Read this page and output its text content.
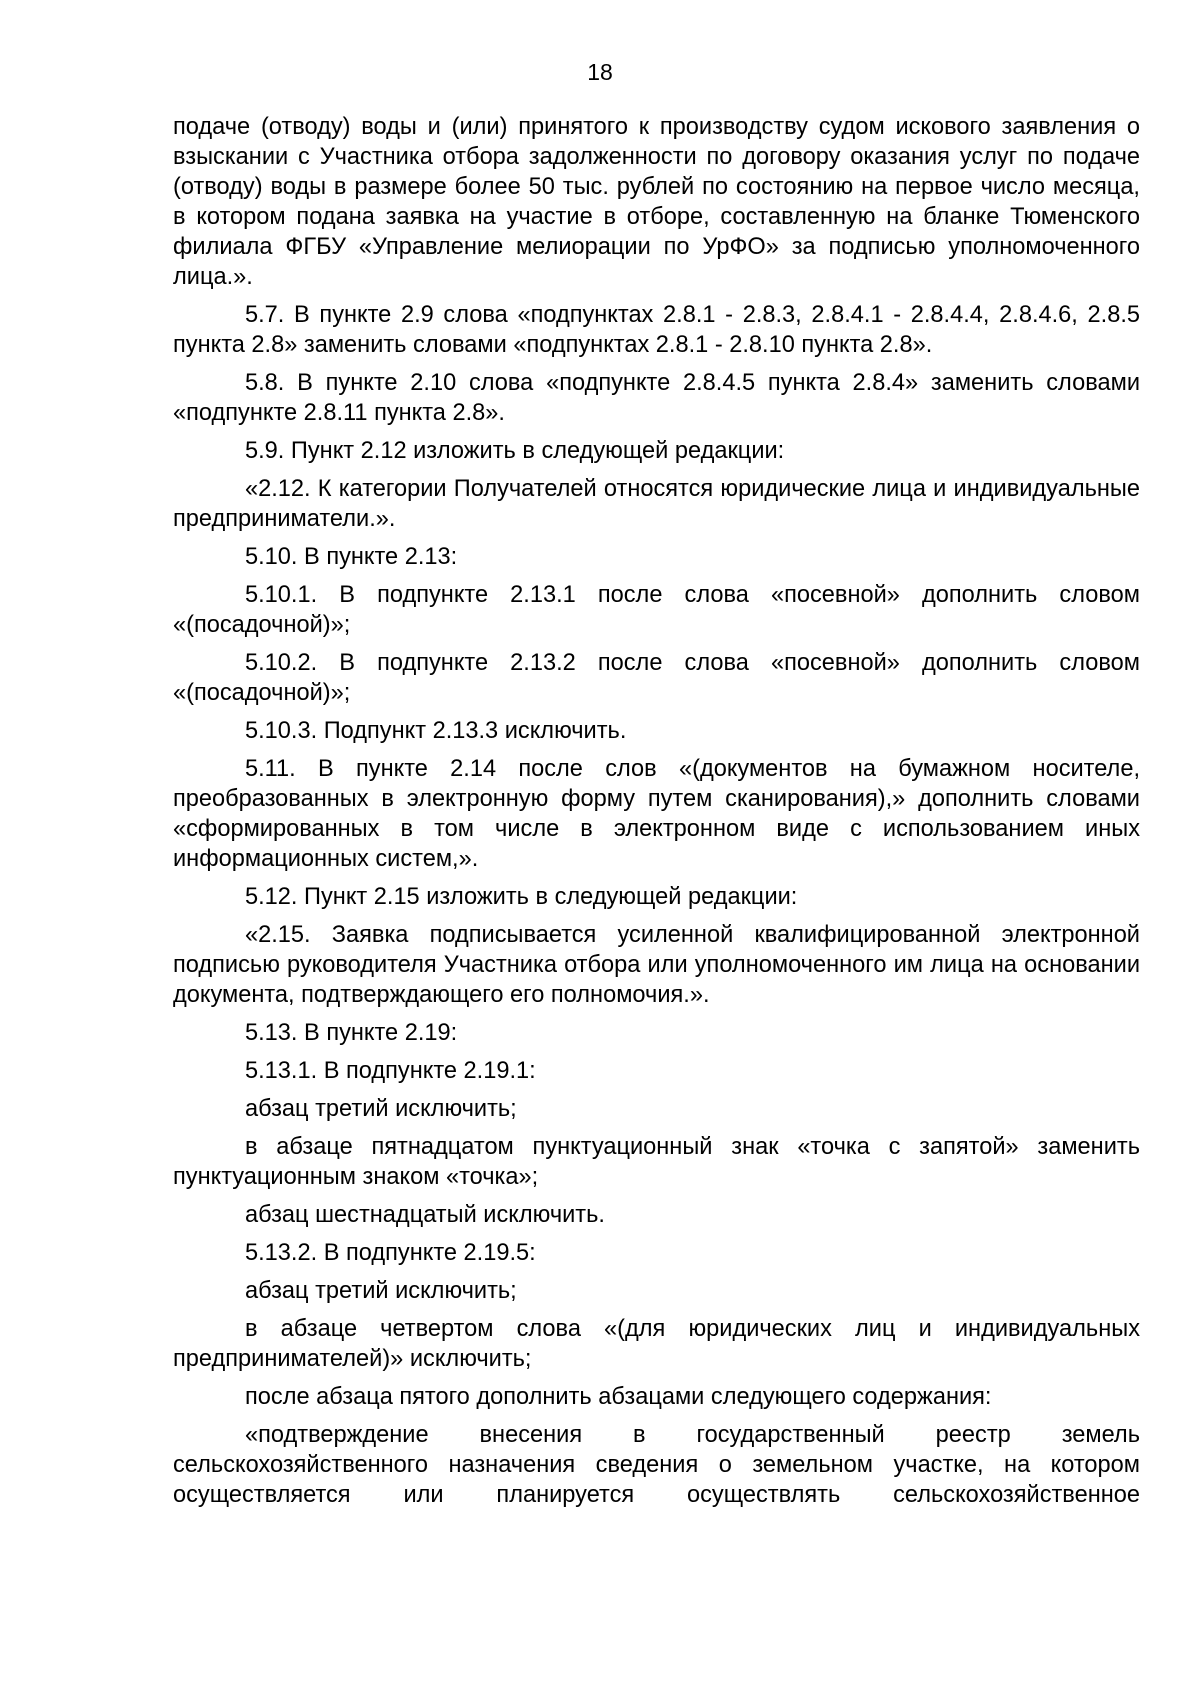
18

подаче (отводу) воды и (или) принятого к производству судом искового заявления о взыскании с Участника отбора задолженности по договору оказания услуг по подаче (отводу) воды в размере более 50 тыс. рублей по состоянию на первое число месяца, в котором подана заявка на участие в отборе, составленную на бланке Тюменского филиала ФГБУ «Управление мелиорации по УрФО» за подписью уполномоченного лица.».

5.7. В пункте 2.9 слова «подпунктах 2.8.1 - 2.8.3, 2.8.4.1 - 2.8.4.4, 2.8.4.6, 2.8.5 пункта 2.8» заменить словами «подпунктах 2.8.1 - 2.8.10 пункта 2.8».

5.8. В пункте 2.10 слова «подпункте 2.8.4.5 пункта 2.8.4» заменить словами «подпункте 2.8.11 пункта 2.8».

5.9. Пункт 2.12 изложить в следующей редакции:

«2.12. К категории Получателей относятся юридические лица и индивидуальные предприниматели.».

5.10. В пункте 2.13:

5.10.1. В подпункте 2.13.1 после слова «посевной» дополнить словом «(посадочной)»;

5.10.2. В подпункте 2.13.2 после слова «посевной» дополнить словом «(посадочной)»;

5.10.3. Подпункт 2.13.3 исключить.

5.11. В пункте 2.14 после слов «(документов на бумажном носителе, преобразованных в электронную форму путем сканирования),» дополнить словами «сформированных в том числе в электронном виде с использованием иных информационных систем,».

5.12. Пункт 2.15 изложить в следующей редакции:

«2.15. Заявка подписывается усиленной квалифицированной электронной подписью руководителя Участника отбора или уполномоченного им лица на основании документа, подтверждающего его полномочия.».

5.13. В пункте 2.19:

5.13.1. В подпункте 2.19.1:

абзац третий исключить;

в абзаце пятнадцатом пунктуационный знак «точка с запятой» заменить пунктуационным знаком «точка»;

абзац шестнадцатый исключить.

5.13.2. В подпункте 2.19.5:

абзац третий исключить;

в абзаце четвертом слова «(для юридических лиц и индивидуальных предпринимателей)» исключить;

после абзаца пятого дополнить абзацами следующего содержания:

«подтверждение внесения в государственный реестр земель сельскохозяйственного назначения сведения о земельном участке, на котором осуществляется или планируется осуществлять сельскохозяйственное
